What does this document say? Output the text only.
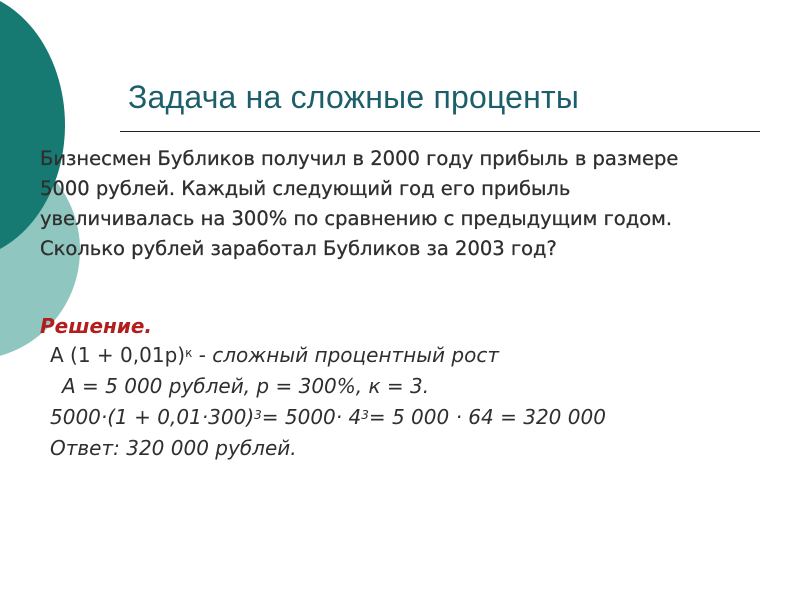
Задача на сложные проценты
Бизнесмен Бубликов получил в 2000 году прибыль в размере
5000 рублей. Каждый следующий год его прибыль
увеличивалась на 300% по сравнению с предыдущим годом.
Сколько рублей заработал Бубликов за 2003 год?
Решение.
А $(1 + 0,01р)^к$ - сложный процентный рост
А = 5 000 рублей, р = 300%, к = 3.
$5000\cdot(1 + 0,01\cdot 300)^3= 5000\cdot 4^3= 5$ 000 · 64 = 320 000
Ответ: 320 000 рублей.
